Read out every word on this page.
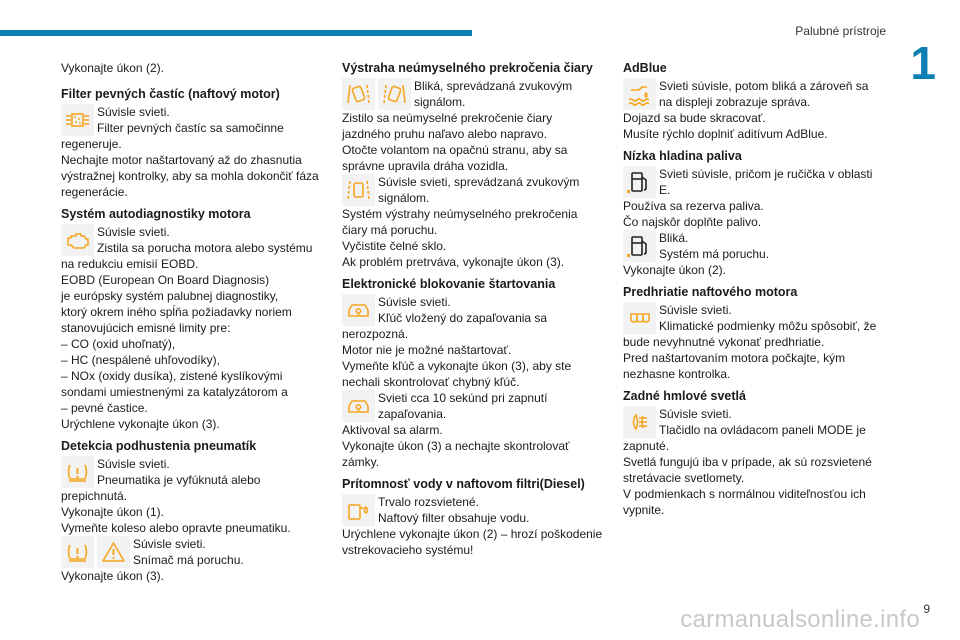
Palubné prístroje
1

Vykonajte úkon (2).

Filter pevných častíc (naftový motor)

Súvisle svieti.

Filter pevných častíc sa samočinne

regeneruje.

Nechajte motor naštartovaný až do zhasnutia

výstražnej kontrolky, aby sa mohla dokončiť fáza

regenerácie.

Systém autodiagnostiky motora

Súvisle svieti.

Zistila sa porucha motora alebo systému

na redukciu emisií EOBD.

EOBD (European On Board Diagnosis)

je európsky systém palubnej diagnostiky,

ktorý okrem iného spĺňa požiadavky noriem

stanovujúcich emisné limity pre:

– CO (oxid uhoľnatý),

– HC (nespálené uhľovodíky),

– NOx (oxidy dusíka), zistené kyslíkovými

sondami umiestnenými za katalyzátorom a

– pevné častice.

Urýchlene vykonajte úkon (3).

Detekcia podhustenia pneumatík

Súvisle svieti.

Pneumatika je vyfúknutá alebo

prepichnutá.

Vykonajte úkon (1).

Vymeňte koleso alebo opravte pneumatiku.

Súvisle svieti.

Snímač má poruchu.

Vykonajte úkon (3).

Výstraha neúmyselného prekročenia čiary

Bliká, sprevádzaná zvukovým

signálom.

Zistilo sa neúmyselné prekročenie čiary

jazdného pruhu naľavo alebo napravo.

Otočte volantom na opačnú stranu, aby sa

správne upravila dráha vozidla.

Súvisle svieti, sprevádzaná zvukovým

signálom.

Systém výstrahy neúmyselného prekročenia

čiary má poruchu.

Vyčistite čelné sklo.

Ak problém pretrváva, vykonajte úkon (3).

Elektronické blokovanie štartovania

Súvisle svieti.

Kľúč vložený do zapaľovania sa

nerozpozná.

Motor nie je možné naštartovať.

Vymeňte kľúč a vykonajte úkon (3), aby ste

nechali skontrolovať chybný kľúč.

Svieti cca 10 sekúnd pri zapnutí

zapaľovania.

Aktivoval sa alarm.

Vykonajte úkon (3) a nechajte skontrolovať

zámky.

Prítomnosť vody v naftovom filtri(Diesel)

Trvalo rozsvietené.

Naftový filter obsahuje vodu.

Urýchlene vykonajte úkon (2) – hrozí poškodenie

vstrekovacieho systému!

AdBlue

Svieti súvisle, potom bliká a zároveň sa

na displeji zobrazuje správa.

Dojazd sa bude skracovať.

Musíte rýchlo doplniť aditívum AdBlue.

Nízka hladina paliva

Svieti súvisle, pričom je ručička v oblasti

E.

Používa sa rezerva paliva.

Čo najskôr doplňte palivo.

Bliká.

Systém má poruchu.

Vykonajte úkon (2).

Predhriatie naftového motora

Súvisle svieti.

Klimatické podmienky môžu spôsobiť, že

bude nevyhnutné vykonať predhriatie.

Pred naštartovaním motora počkajte, kým

nezhasne kontrolka.

Zadné hmlové svetlá

Súvisle svieti.

Tlačidlo na ovládacom paneli MODE je

zapnuté.

Svetlá fungujú iba v prípade, ak sú rozsvietené

stretávacie svetlomety.

V podmienkach s normálnou viditeľnosťou ich

vypnite.

carmanualsonline.info 9
